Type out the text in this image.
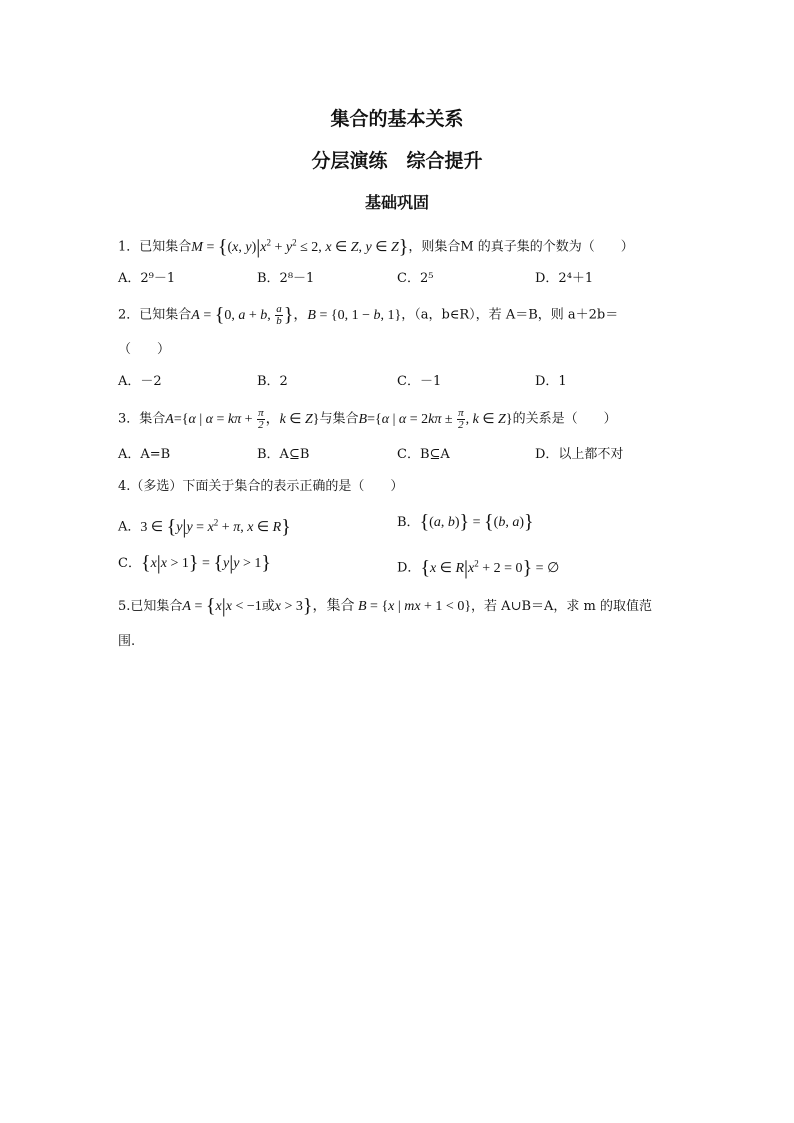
集合的基本关系
分层演练　综合提升
基础巩固
1．已知集合M = {(x, $y)|x^2 + y^2 \le 2$, x ∈ Z, y ∈ Z}，则集合M 的真子集的个数为（　　）
A．2⁹－1	B．2⁸－1	C．2⁵	D．2⁴＋1
2．已知集合A = {0, a + b, $\frac{a}{b}$ }，B = {0, 1 − b, 1}，（a，b∈R），若 A＝B，则 a＋2b＝
（　　）
A．－2	B．2	C．－1	D．1
3．集合A={α | $\alpha = k\pi + \frac{\pi}{2}$ ，k ∈ Z}与集合B={α | $\alpha = 2k\pi \pm \frac{\pi}{2}$ , k ∈ Z}的关系是（　　）
A．A=B	B．A⊆B	C．B⊆A	D．以上都不对
4.（多选）下面关于集合的表示正确的是（　　）
A．3 ∈ {$y|y = x^2 + \pi$, x ∈ R}	B．{(a, b)} = {(b, a)}
C．{x|x > 1} = {y|y > 1}	D．{x ∈ $R|x^2 + 2 = 0$} = ∅
5.已知集合A = {x|x < −1或x > 3}，集合 B = {x | mx + 1 < 0}，若 A∪B＝A，求 m 的取值范
围.
